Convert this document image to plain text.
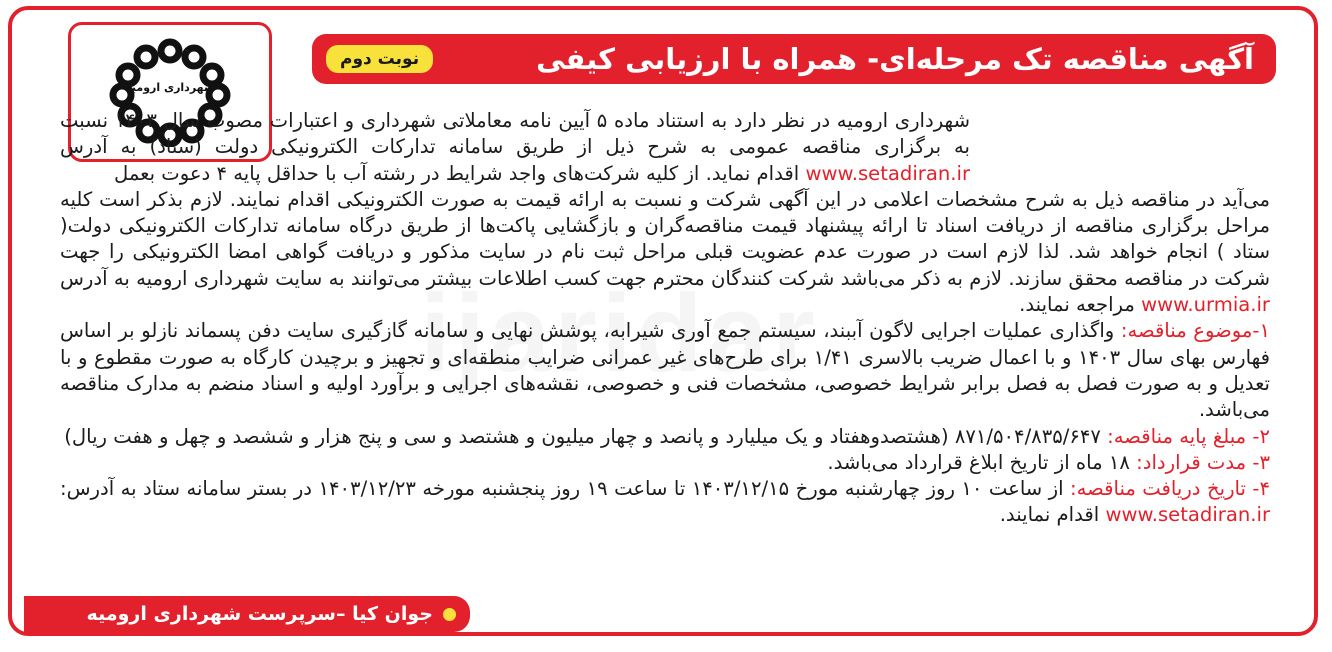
شهرداری ارومیه
آگهی مناقصه تک مرحله‌ای- همراه با ارزیابی کیفی
نوبت دوم
شهرداری ارومیه در نظر دارد به استناد ماده ۵ آیین نامه معاملاتی شهرداری و اعتبارات مصوب سال ۱۴۰۳ نسبت به برگزاری مناقصه عمومی به شرح ذیل از طریق سامانه تدارکات الکترونیکی دولت (ستاد) به آدرس www.setadiran.ir اقدام نماید. از کلیه شرکت‌های واجد شرایط در رشته آب با حداقل پایه ۴ دعوت بعمل

می‌آید در مناقصه ذیل به شرح مشخصات اعلامی در این آگهی شرکت و نسبت به ارائه قیمت به صورت الکترونیکی اقدام نمایند. لازم بذکر است کلیه مراحل برگزاری مناقصه از دریافت اسناد تا ارائه پیشنهاد قیمت مناقصه‌گران و بازگشایی پاکت‌ها از طریق درگاه سامانه تدارکات الکترونیکی دولت( ستاد ) انجام خواهد شد. لذا لازم است در صورت عدم عضویت قبلی مراحل ثبت نام در سایت مذکور و دریافت گواهی امضا الکترونیکی را جهت شرکت در مناقصه محقق سازند. لازم به ذکر می‌باشد شرکت کنندگان محترم جهت کسب اطلاعات بیشتر می‌توانند به سایت شهرداری ارومیه به آدرس www.urmia.ir مراجعه نمایند.

۱-موضوع مناقصه: واگذاری عملیات اجرایی لاگون آببند، سیستم جمع آوری شیرابه، پوشش نهایی و سامانه گازگیری سایت دفن پسماند نازلو بر اساس فهارس بهای سال ۱۴۰۳ و با اعمال ضریب بالاسری ۱/۴۱ برای طرح‌های غیر عمرانی ضرایب منطقه‌ای و تجهیز و برچیدن کارگاه به صورت مقطوع و با تعدیل و به صورت فصل به فصل برابر شرایط خصوصی، مشخصات فنی و خصوصی، نقشه‌های اجرایی و برآورد اولیه و اسناد منضم به مدارک مناقصه می‌باشد.

۲- مبلغ پایه مناقصه: ۸۷۱/۵۰۴/۸۳۵/۶۴۷ (هشتصدوهفتاد و یک میلیارد و پانصد و چهار میلیون و هشتصد و سی و پنج هزار و ششصد و چهل و هفت ریال)

۳- مدت قرارداد: ۱۸ ماه از تاریخ ابلاغ قرارداد می‌باشد.

۴- تاریخ دریافت مناقصه: از ساعت ۱۰ روز چهارشنبه مورخ ۱۴۰۳/۱۲/۱۵ تا ساعت ۱۹ روز پنجشنبه مورخه ۱۴۰۳/۱۲/۲۳ در بستر سامانه ستاد به آدرس: www.setadiran.ir اقدام نمایند.

جوان کیا –سرپرست شهرداری ارومیه
